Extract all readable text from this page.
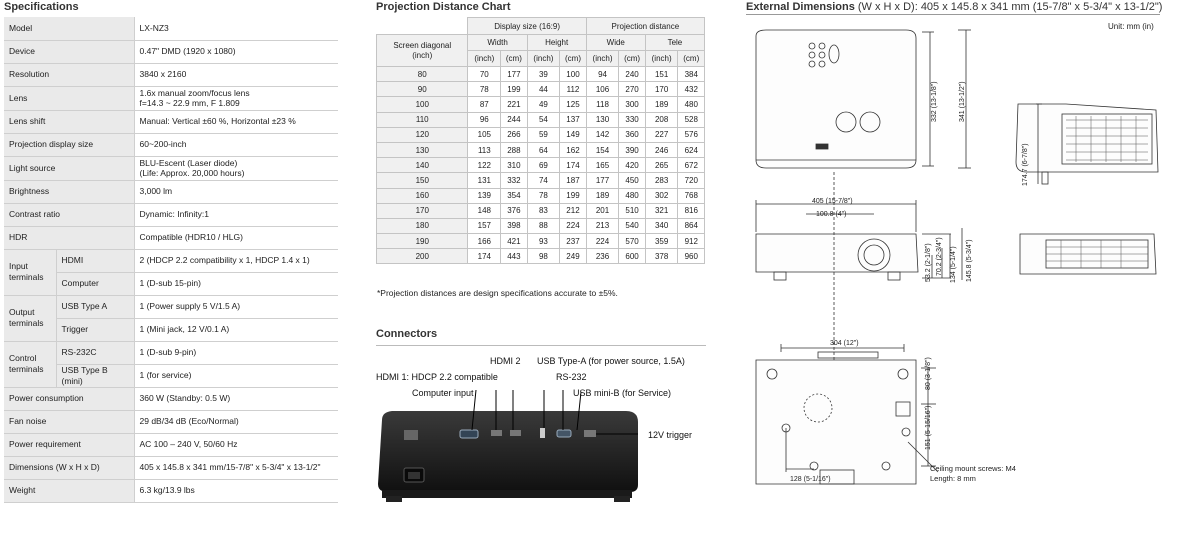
Specifications
Model		LX-NZ3
Device		0.47" DMD (1920 x 1080)
Resolution		3840 x 2160
Lens		1.6x manual zoom/focus lens
f=14.3 ~ 22.9 mm, F 1.809
Lens shift		Manual: Vertical ±60 %, Horizontal ±23 %
Projection display size		60~200-inch
Light source		BLU-Escent (Laser diode)
(Life: Approx. 20,000 hours)
Brightness		3,000 lm
Contrast ratio		Dynamic: Infinity:1
HDR		Compatible (HDR10 / HLG)
Input terminals	HDMI	2 (HDCP 2.2 compatibility x 1, HDCP 1.4 x 1)
	Computer	1 (D-sub 15-pin)
Output terminals	USB Type A	1 (Power supply 5 V/1.5 A)
	Trigger	1 (Mini jack, 12 V/0.1 A)
Control terminals	RS-232C	1 (D-sub 9-pin)
	USB Type B (mini)	1 (for service)
Power consumption		360 W (Standby: 0.5 W)
Fan noise		29 dB/34 dB (Eco/Normal)
Power requirement		AC 100 – 240 V, 50/60 Hz
Dimensions (W x H x D)		405 x 145.8 x 341 mm/15-7/8" x 5-3/4" x 13-1/2"
Weight		6.3 kg/13.9 lbs
Projection Distance Chart
	Display size (16:9)				Projection distance			
Screen diagonal
(inch)	Width		Height		Wide		Tele	
	(inch)	(cm)	(inch)	(cm)	(inch)	(cm)	(inch)	(cm)
80	70	177	39	100	94	240	151	384
90	78	199	44	112	106	270	170	432
100	87	221	49	125	118	300	189	480
110	96	244	54	137	130	330	208	528
120	105	266	59	149	142	360	227	576
130	113	288	64	162	154	390	246	624
140	122	310	69	174	165	420	265	672
150	131	332	74	187	177	450	283	720
160	139	354	78	199	189	480	302	768
170	148	376	83	212	201	510	321	816
180	157	398	88	224	213	540	340	864
190	166	421	93	237	224	570	359	912
200	174	443	98	249	236	600	378	960
*Projection distances are design specifications accurate to ±5%.
Connectors
HDMI 2 USB Type-A (for power source, 1.5A)
HDMI 1: HDCP 2.2 compatible	RS-232
Computer input	USB mini-B (for Service)
12V trigger
External Dimensions (W x H x D): 405 x 145.8 x 341 mm (15-7/8" x 5-3/4" x 13-1/2")
Unit: mm (in)
332 (13-1/8")	341 (13-1/2")
174.7 (6-7/8")
405 (15-7/8")
100.8 (4")
53.2 (2-1/8") 70.2 (2-3/4") 134 (5-1/4") 145.8 (5-3/4")
304 (12")
80 (3-1/8")
151 (5-15/16")
128 (5-1/16")
Ceiling mount screws: M4
Length: 8 mm
